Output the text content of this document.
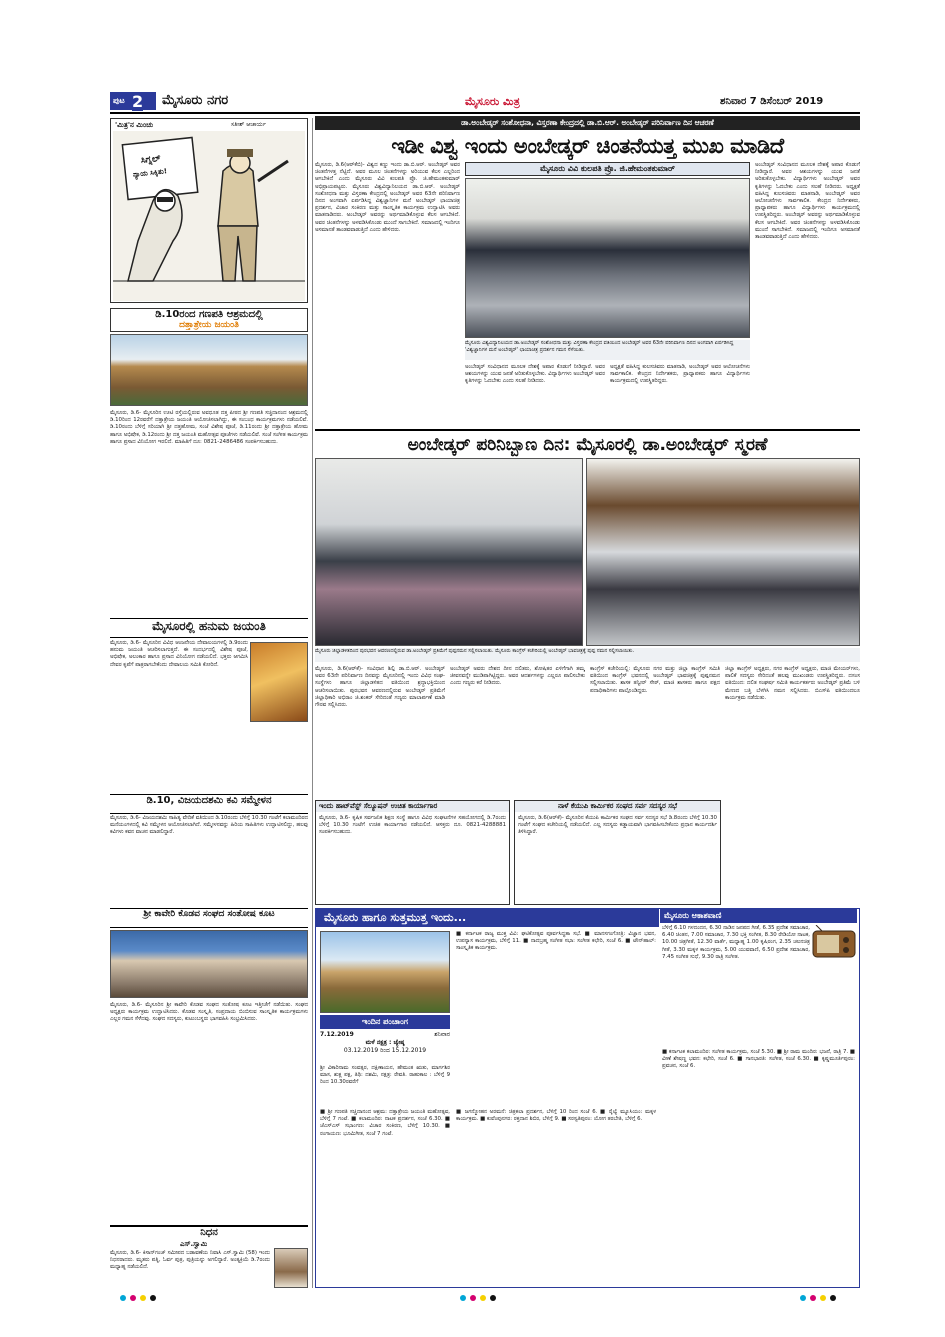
ಪುಟ 2 ಮೈಸೂರು ನಗರ	ಮೈಸೂರು ಮಿತ್ರ	ಶನಿವಾರ 7 ಡಿಸೆಂಬರ್ 2019
'ಮಿತ್ರ'ನ ಮಿಂಚು	ಸತೀಶ್ ಆಚಾರ್ಯ
ಸಿಗ್ನಲ್
ನ್ಯಾಯ ಸಿಕ್ಕಿತು!
ಡಿ.10ರಂದ ಗಣಪತಿ ಆಶ್ರಮದಲ್ಲಿ
ದತ್ತಾತ್ರೇಯ ಜಯಂತಿ
ಮೈಸೂರು, ಡಿ.6- ಮೈಸೂರಿನ ಊಟಿ ರಸ್ತೆಯಲ್ಲಿರುವ ಅವಧೂತ ದತ್ತ ಪೀಠದ ಶ್ರೀ ಗಣಪತಿ ಸಚ್ಚಿದಾನಂದ ಆಶ್ರಮದಲ್ಲಿ ಡಿ.10ರಿಂದ 12ರವರೆಗೆ ದತ್ತಾತ್ರೇಯ ಜಯಂತಿ ಆಯೋಜಿಸಲಾಗಿದ್ದು, ಈ ಸಂಬಂಧ ಕಾರ್ಯಕ್ರಮಗಳು ನಡೆಯಲಿವೆ. ಡಿ.10ರಂದು ಬೆಳಿಗ್ಗೆ ಸರಿಯಾಗಿ ಶ್ರೀ ದತ್ತಹೋಮ, ಸಂಜೆ ವಿಶೇಷ ಪೂಜೆ, ಡಿ.11ರಂದು ಶ್ರೀ ದತ್ತಾತ್ರೇಯ ಹೋಮ ಹಾಗೂ ಅಭಿಷೇಕ, ಡಿ.12ರಂದು ಶ್ರೀ ದತ್ತ ಜಯಂತಿ ಮಹೋತ್ಸವ ಪೂಜೆಗಳು ನಡೆಯಲಿವೆ. ಸಂಜೆ ಸಂಗೀತ ಕಾರ್ಯಕ್ರಮ ಹಾಗೂ ಪ್ರಸಾದ ವಿನಿಯೋಗ ಇರಲಿದೆ. ಮಾಹಿತಿಗೆ ದೂ: 0821-2486486 ಸಂಪರ್ಕಿಸಬಹುದು.
ಮೈಸೂರಲ್ಲಿ ಹನುಮ ಜಯಂತಿ
ಮೈಸೂರು, ಡಿ.6- ಮೈಸೂರಿನ ವಿವಿಧ ಆಂಜನೇಯ ದೇವಾಲಯಗಳಲ್ಲಿ ಡಿ.9ರಂದು ಹನುಮ ಜಯಂತಿ ಆಚರಿಸಲಾಗುತ್ತದೆ. ಈ ಸಂದರ್ಭದಲ್ಲಿ ವಿಶೇಷ ಪೂಜೆ, ಅಭಿಷೇಕ, ಅಲಂಕಾರ ಹಾಗೂ ಪ್ರಸಾದ ವಿನಿಯೋಗ ನಡೆಯಲಿದೆ. ಭಕ್ತರು ಆಗಮಿಸಿ ದೇವರ ಕೃಪೆಗೆ ಪಾತ್ರರಾಗಬೇಕೆಂದು ದೇವಾಲಯ ಸಮಿತಿ ಕೋರಿದೆ.
ಡಿ.10, ವಿಜಯದಶಮಿ ಕವಿ ಸಮ್ಮೇಳನ
ಮೈಸೂರು, ಡಿ.6- ವಿಜಯದಶಮಿ ಸಾಹಿತ್ಯ ವೇದಿಕೆ ವತಿಯಿಂದ ಡಿ.10ರಂದು ಬೆಳಿಗ್ಗೆ 10.30 ಗಂಟೆಗೆ ಕಲಾಮಂದಿರದ ಮನೆಯಂಗಳದಲ್ಲಿ ಕವಿ ಸಮ್ಮೇಳನ ಆಯೋಜಿಸಲಾಗಿದೆ. ಸಮ್ಮೇಳನವನ್ನು ಹಿರಿಯ ಸಾಹಿತಿಗಳು ಉದ್ಘಾಟಿಸಲಿದ್ದು, ಹಲವು ಕವಿಗಳು ಕವನ ವಾಚನ ಮಾಡಲಿದ್ದಾರೆ.
ಶ್ರೀ ಕಾವೇರಿ ಕೊಡವ ಸಂಘದ ಸಂತೋಷ ಕೂಟ
ಮೈಸೂರು, ಡಿ.6- ಮೈಸೂರಿನ ಶ್ರೀ ಕಾವೇರಿ ಕೊಡವ ಸಂಘದ ಸಂತೋಷ ಕೂಟ ಇತ್ತೀಚೆಗೆ ನಡೆಯಿತು. ಸಂಘದ ಅಧ್ಯಕ್ಷರು ಕಾರ್ಯಕ್ರಮ ಉದ್ಘಾಟಿಸಿದರು. ಕೊಡವ ಸಂಸ್ಕೃತಿ, ಸಂಪ್ರದಾಯ ಬಿಂಬಿಸುವ ಸಾಂಸ್ಕೃತಿಕ ಕಾರ್ಯಕ್ರಮಗಳು ಎಲ್ಲರ ಗಮನ ಸೆಳೆದವು. ಸಂಘದ ಸದಸ್ಯರು, ಕುಟುಂಬಸ್ಥರು ಭಾಗವಹಿಸಿ ಸಂಭ್ರಮಿಸಿದರು.
ನಿಧನ
ಎಸ್.ಸ್ವಾಮಿ
ಮೈಸೂರು, ಡಿ.6- ಕಿಸಾನ್‌ಗಂಜ್ ಸಮೀಪದ ಬಡಾವಣೆಯ ನಿವಾಸಿ ಎಸ್.ಸ್ವಾಮಿ (58) ಇಂದು ನಿಧನರಾದರು. ಮೃತರು ಪತ್ನಿ, ಓರ್ವ ಪುತ್ರ, ಪುತ್ರಿಯನ್ನು ಅಗಲಿದ್ದಾರೆ. ಅಂತ್ಯಕ್ರಿಯೆ ಡಿ.7ರಂದು ಮಧ್ಯಾಹ್ನ ನಡೆಯಲಿದೆ.
ಡಾ.ಅಂಬೇಡ್ಕರ್ ಸಂಶೋಧನಾ, ವಿಸ್ತರಣಾ ಕೇಂದ್ರದಲ್ಲಿ ಡಾ.ಬಿ.ಆರ್. ಅಂಬೇಡ್ಕರ್ ಪರಿನಿರ್ವಾಣ ದಿನ ಆಚರಣೆ
ಇಡೀ ವಿಶ್ವ ಇಂದು ಅಂಬೇಡ್ಕರ್ ಚಿಂತನೆಯತ್ತ ಮುಖ ಮಾಡಿದೆ
ಮೈಸೂರು, ಡಿ.6(ಆರ್‌ಕೆಬಿ)- ವಿಶ್ವದ ಕಣ್ಣು ಇಂದು ಡಾ.ಬಿ.ಆರ್. ಅಂಬೇಡ್ಕರ್ ಅವರ ಚಿಂತನೆಗಳತ್ತ ನೆಟ್ಟಿದೆ. ಅವರ ಮೂಲ ಚಿಂತನೆಗಳನ್ನು ಅರಿಯುವ ಕೆಲಸ ಎಲ್ಲರಿಂದ ಆಗಬೇಕಿದೆ ಎಂದು ಮೈಸೂರು ವಿವಿ ಕುಲಪತಿ ಪ್ರೊ. ಜಿ.ಹೇಮಂತಕುಮಾರ್ ಅಭಿಪ್ರಾಯಪಟ್ಟರು. ಮೈಸೂರು ವಿಶ್ವವಿದ್ಯಾನಿಲಯದ ಡಾ.ಬಿ.ಆರ್. ಅಂಬೇಡ್ಕರ್ ಸಂಶೋಧನಾ ಮತ್ತು ವಿಸ್ತರಣಾ ಕೇಂದ್ರದಲ್ಲಿ ಅಂಬೇಡ್ಕರ್ ಅವರ 63ನೇ ಪರಿನಿರ್ವಾಣ ದಿನದ ಅಂಗವಾಗಿ ಏರ್ಪಡಿಸಿದ್ದ ವಿಶ್ವಜ್ಞಾನಿಗಳ ಮನೆ ಅಂಬೇಡ್ಕರ್ ಛಾಯಾಚಿತ್ರ ಪ್ರದರ್ಶನ, ವಿಚಾರ ಸಂಕಿರಣ ಮತ್ತು ಸಾಂಸ್ಕೃತಿಕ ಕಾರ್ಯಕ್ರಮ ಉದ್ಘಾಟಿಸಿ ಅವರು ಮಾತನಾಡಿದರು. ಅಂಬೇಡ್ಕರ್ ಅವರನ್ನು ಅರ್ಥಮಾಡಿಕೊಳ್ಳುವ ಕೆಲಸ ಆಗಬೇಕಿದೆ. ಅವರ ಚಿಂತನೆಗಳನ್ನು ಅಳವಡಿಸಿಕೊಂಡು ಮುಂದೆ ಸಾಗಬೇಕಿದೆ. ಸಮಾಜದಲ್ಲಿ ಇಂದಿಗೂ ಅಸಮಾನತೆ ತಾಂಡವವಾಡುತ್ತಿದೆ ಎಂದು ಹೇಳಿದರು.
ಮೈಸೂರು ವಿವಿ ಕುಲಪತಿ ಪ್ರೊ. ಜಿ.ಹೇಮಂತಕುಮಾರ್
ಮೈಸೂರು ವಿಶ್ವವಿದ್ಯಾನಿಲಯದ ಡಾ.ಅಂಬೇಡ್ಕರ್ ಸಂಶೋಧನಾ ಮತ್ತು ವಿಸ್ತರಣಾ ಕೇಂದ್ರದ ವತಿಯಿಂದ ಅಂಬೇಡ್ಕರ್ ಅವರ 63ನೇ ಪರಿನಿರ್ವಾಣ ದಿನದ ಅಂಗವಾಗಿ ಏರ್ಪಡಿಸಿದ್ದ 'ವಿಶ್ವಜ್ಞಾನಿಗಳ ಮನೆ ಅಂಬೇಡ್ಕರ್' ಛಾಯಾಚಿತ್ರ ಪ್ರದರ್ಶನ ಗಮನ ಸೆಳೆಯಿತು.
ಅಂಬೇಡ್ಕರ್ ಸಂವಿಧಾನದ ಮೂಲಕ ದೇಶಕ್ಕೆ ಅಪಾರ ಕೊಡುಗೆ ನೀಡಿದ್ದಾರೆ. ಅವರ ಆಶಯಗಳನ್ನು ಯುವ ಜನತೆ ಅರಿತುಕೊಳ್ಳಬೇಕು. ವಿದ್ಯಾರ್ಥಿಗಳು ಅಂಬೇಡ್ಕರ್ ಅವರ ಕೃತಿಗಳನ್ನು ಓದಬೇಕು ಎಂದು ಸಲಹೆ ನೀಡಿದರು.
ಅಧ್ಯಕ್ಷತೆ ವಹಿಸಿದ್ದ ಕುಲಸಚಿವರು ಮಾತನಾಡಿ, ಅಂಬೇಡ್ಕರ್ ಅವರ ಆಲೋಚನೆಗಳು ಸಾರ್ವಕಾಲಿಕ. ಕೇಂದ್ರದ ನಿರ್ದೇಶಕರು, ಪ್ರಾಧ್ಯಾಪಕರು ಹಾಗೂ ವಿದ್ಯಾರ್ಥಿಗಳು ಕಾರ್ಯಕ್ರಮದಲ್ಲಿ ಉಪಸ್ಥಿತರಿದ್ದರು.
ಅಂಬೇಡ್ಕರ್ ಸಂವಿಧಾನದ ಮೂಲಕ ದೇಶಕ್ಕೆ ಅಪಾರ ಕೊಡುಗೆ ನೀಡಿದ್ದಾರೆ. ಅವರ ಆಶಯಗಳನ್ನು ಯುವ ಜನತೆ ಅರಿತುಕೊಳ್ಳಬೇಕು. ವಿದ್ಯಾರ್ಥಿಗಳು ಅಂಬೇಡ್ಕರ್ ಅವರ ಕೃತಿಗಳನ್ನು ಓದಬೇಕು ಎಂದು ಸಲಹೆ ನೀಡಿದರು. ಅಧ್ಯಕ್ಷತೆ ವಹಿಸಿದ್ದ ಕುಲಸಚಿವರು ಮಾತನಾಡಿ, ಅಂಬೇಡ್ಕರ್ ಅವರ ಆಲೋಚನೆಗಳು ಸಾರ್ವಕಾಲಿಕ. ಕೇಂದ್ರದ ನಿರ್ದೇಶಕರು, ಪ್ರಾಧ್ಯಾಪಕರು ಹಾಗೂ ವಿದ್ಯಾರ್ಥಿಗಳು ಕಾರ್ಯಕ್ರಮದಲ್ಲಿ ಉಪಸ್ಥಿತರಿದ್ದರು. ಅಂಬೇಡ್ಕರ್ ಅವರನ್ನು ಅರ್ಥಮಾಡಿಕೊಳ್ಳುವ ಕೆಲಸ ಆಗಬೇಕಿದೆ. ಅವರ ಚಿಂತನೆಗಳನ್ನು ಅಳವಡಿಸಿಕೊಂಡು ಮುಂದೆ ಸಾಗಬೇಕಿದೆ. ಸಮಾಜದಲ್ಲಿ ಇಂದಿಗೂ ಅಸಮಾನತೆ ತಾಂಡವವಾಡುತ್ತಿದೆ ಎಂದು ಹೇಳಿದರು.
ಅಂಬೇಡ್ಕರ್ ಪರಿನಿಬ್ಬಾಣ ದಿನ: ಮೈಸೂರಲ್ಲಿ ಡಾ.ಅಂಬೇಡ್ಕರ್ ಸ್ಮರಣೆ
ಮೈಸೂರು ಜಿಲ್ಲಾಡಳಿತದಿಂದ ಪುರಭವನ ಆವರಣದಲ್ಲಿರುವ ಡಾ.ಅಂಬೇಡ್ಕರ್ ಪ್ರತಿಮೆಗೆ ಪುಷ್ಪನಮನ ಸಲ್ಲಿಸಲಾಯಿತು. ಮೈಸೂರು ಕಾಂಗ್ರೆಸ್ ಕಚೇರಿಯಲ್ಲಿ ಅಂಬೇಡ್ಕರ್ ಭಾವಚಿತ್ರಕ್ಕೆ ಪುಷ್ಪ ನಮನ ಸಲ್ಲಿಸಲಾಯಿತು.
ಮೈಸೂರು, ಡಿ.6(ಆರ್‌ಕೆ)- ಸಂವಿಧಾನ ಶಿಲ್ಪಿ ಡಾ.ಬಿ.ಆರ್. ಅಂಬೇಡ್ಕರ್ ಅವರ 63ನೇ ಪರಿನಿರ್ವಾಣ ದಿನವನ್ನು ಮೈಸೂರಿನಲ್ಲಿ ಇಂದು ವಿವಿಧ ಸಂಘ-ಸಂಸ್ಥೆಗಳು ಹಾಗೂ ಜಿಲ್ಲಾಡಳಿತದ ವತಿಯಿಂದ ಶ್ರದ್ಧಾಭಕ್ತಿಯಿಂದ ಆಚರಿಸಲಾಯಿತು. ಪುರಭವನ ಆವರಣದಲ್ಲಿರುವ ಅಂಬೇಡ್ಕರ್ ಪ್ರತಿಮೆಗೆ ಜಿಲ್ಲಾಧಿಕಾರಿ ಅಭಿರಾಂ ಜಿ.ಶಂಕರ್ ಸೇರಿದಂತೆ ಗಣ್ಯರು ಮಾಲಾರ್ಪಣೆ ಮಾಡಿ ಗೌರವ ಸಲ್ಲಿಸಿದರು.
ಅಂಬೇಡ್ಕರ್ ಅವರು ದೇಶದ ದೀನ ದಲಿತರು, ಶೋಷಿತರ ಏಳಿಗೆಗಾಗಿ ತಮ್ಮ ಜೀವನವನ್ನೇ ಮುಡಿಪಾಗಿಟ್ಟಿದ್ದರು. ಅವರ ಆದರ್ಶಗಳನ್ನು ಎಲ್ಲರೂ ಪಾಲಿಸಬೇಕು ಎಂದು ಗಣ್ಯರು ಕರೆ ನೀಡಿದರು.
ಕಾಂಗ್ರೆಸ್ ಕಚೇರಿಯಲ್ಲಿ: ಮೈಸೂರು ನಗರ ಮತ್ತು ಜಿಲ್ಲಾ ಕಾಂಗ್ರೆಸ್ ಸಮಿತಿ ವತಿಯಿಂದ ಕಾಂಗ್ರೆಸ್ ಭವನದಲ್ಲಿ ಅಂಬೇಡ್ಕರ್ ಭಾವಚಿತ್ರಕ್ಕೆ ಪುಷ್ಪನಮನ ಸಲ್ಲಿಸಲಾಯಿತು. ಶಾಸಕ ತನ್ವೀರ್ ಸೇಠ್, ಮಾಜಿ ಶಾಸಕರು ಹಾಗೂ ಪಕ್ಷದ ಪದಾಧಿಕಾರಿಗಳು ಪಾಲ್ಗೊಂಡಿದ್ದರು.
ಜಿಲ್ಲಾ ಕಾಂಗ್ರೆಸ್ ಅಧ್ಯಕ್ಷರು, ನಗರ ಕಾಂಗ್ರೆಸ್ ಅಧ್ಯಕ್ಷರು, ಮಾಜಿ ಮೇಯರ್‌ಗಳು, ಪಾಲಿಕೆ ಸದಸ್ಯರು ಸೇರಿದಂತೆ ಹಲವು ಮುಖಂಡರು ಉಪಸ್ಥಿತರಿದ್ದರು. ದಸಂಸ ವತಿಯಿಂದ: ದಲಿತ ಸಂಘರ್ಷ ಸಮಿತಿ ಕಾರ್ಯಕರ್ತರು ಅಂಬೇಡ್ಕರ್ ಪ್ರತಿಮೆ ಬಳಿ ಮೇಣದ ಬತ್ತಿ ಬೆಳಗಿಸಿ ನಮನ ಸಲ್ಲಿಸಿದರು. ಬಿಎಸ್‌ಪಿ ವತಿಯಿಂದಲೂ ಕಾರ್ಯಕ್ರಮ ನಡೆಯಿತು.
ಇಂದು ಹಾಟ್‌ವೆಸ್ಟ್ ಸೆಲ್ಯೂಷನ್ ಉಚಿತ ಕಾರ್ಯಾಗಾರ
ಮೈಸೂರು, ಡಿ.6- ಕೃಷಿಕ ಸರ್ವಜನಿಕ ಶಿಕ್ಷಣ ಸಂಸ್ಥೆ ಹಾಗೂ ವಿವಿಧ ಸಂಘಟನೆಗಳ ಸಹಯೋಗದಲ್ಲಿ ಡಿ.7ರಂದು ಬೆಳಿಗ್ಗೆ 10.30 ಗಂಟೆಗೆ ಉಚಿತ ಕಾರ್ಯಾಗಾರ ನಡೆಯಲಿದೆ. ಆಸಕ್ತರು ದೂ. 0821-4288881 ಸಂಪರ್ಕಿಸಬಹುದು.
ನಾಳೆ ಕೆಯುಪಿ ಕಾರ್ಮಿಕರ ಸಂಘದ ಸರ್ವ ಸದಸ್ಯರ ಸಭೆ
ಮೈಸೂರು, ಡಿ.6(ಆರ್‌ಕೆ)- ಮೈಸೂರಿನ ಕೆಯುಪಿ ಕಾರ್ಮಿಕರ ಸಂಘದ ಸರ್ವ ಸದಸ್ಯರ ಸಭೆ ಡಿ.8ರಂದು ಬೆಳಿಗ್ಗೆ 10.30 ಗಂಟೆಗೆ ಸಂಘದ ಕಚೇರಿಯಲ್ಲಿ ನಡೆಯಲಿದೆ. ಎಲ್ಲ ಸದಸ್ಯರು ಕಡ್ಡಾಯವಾಗಿ ಭಾಗವಹಿಸಬೇಕೆಂದು ಪ್ರಧಾನ ಕಾರ್ಯದರ್ಶಿ ತಿಳಿಸಿದ್ದಾರೆ.
ಮೈಸೂರು ಹಾಗೂ ಸುತ್ತಮುತ್ತ ಇಂದು...
ಇಂದಿನ ಪಂಚಾಂಗ
7.12.2019	ಶನಿವಾರ
ಮಳೆ ನಕ್ಷತ್ರ : ಜ್ಯೇಷ್ಠ
03.12.2019 ರಿಂದ 15.12.2019
ಶ್ರೀ ವಿಕಾರಿನಾಮ ಸಂವತ್ಸರ, ದಕ್ಷಿಣಾಯನ, ಹೇಮಂತ ಋತು, ಮಾರ್ಗಶಿರ ಮಾಸ, ಶುಕ್ಲ ಪಕ್ಷ, ತಿಥಿ: ದಶಮಿ, ನಕ್ಷತ್ರ: ರೇವತಿ. ರಾಹುಕಾಲ : ಬೆಳಿಗ್ಗೆ 9 ರಿಂದ 10.30ರವರೆಗೆ
■ ಶ್ರೀ ಗಣಪತಿ ಸಚ್ಚಿದಾನಂದ ಆಶ್ರಮ: ದತ್ತಾತ್ರೇಯ ಜಯಂತಿ ಮಹೋತ್ಸವ, ಬೆಳಿಗ್ಗೆ 7 ಗಂಟೆ. ■ ಕಲಾಮಂದಿರ: ನಾಟಕ ಪ್ರದರ್ಶನ, ಸಂಜೆ 6.30. ■ ಜೆಎಸ್‌ಎಸ್ ಸಭಾಂಗಣ: ವಿಚಾರ ಸಂಕಿರಣ, ಬೆಳಿಗ್ಗೆ 10.30. ■ ರಂಗಾಯಣ: ಭೂಮಿಗೀತ, ಸಂಜೆ 7 ಗಂಟೆ.
■ ಕರ್ನಾಟಕ ರಾಜ್ಯ ಮುಕ್ತ ವಿವಿ: ಘಟಿಕೋತ್ಸವ ಪೂರ್ವಸಿದ್ಧತಾ ಸಭೆ. ■ ಮಾನಸಗಂಗೋತ್ರಿ: ವಿಜ್ಞಾನ ಭವನ, ಉಪನ್ಯಾಸ ಕಾರ್ಯಕ್ರಮ, ಬೆಳಿಗ್ಗೆ 11. ■ ನಾದಬ್ರಹ್ಮ ಸಂಗೀತ ಸಭಾ: ಸಂಗೀತ ಕಛೇರಿ, ಸಂಜೆ 6. ■ ಟೌನ್‌ಹಾಲ್: ಸಾಂಸ್ಕೃತಿಕ ಕಾರ್ಯಕ್ರಮ.
■ ಜಗನ್ಮೋಹನ ಅರಮನೆ: ಚಿತ್ರಕಲಾ ಪ್ರದರ್ಶನ, ಬೆಳಿಗ್ಗೆ 10 ರಿಂದ ಸಂಜೆ 6. ■ ರೈಲ್ವೆ ಮ್ಯೂಸಿಯಂ: ಮಕ್ಕಳ ಕಾರ್ಯಕ್ರಮ. ■ ಕುವೆಂಪುನಗರ: ರಕ್ತದಾನ ಶಿಬಿರ, ಬೆಳಿಗ್ಗೆ 9. ■ ಸರಸ್ವತಿಪುರಂ: ಯೋಗ ತರಬೇತಿ, ಬೆಳಿಗ್ಗೆ 6.
ಮೈಸೂರು ಆಕಾಶವಾಣಿ
ಬೆಳಿಗ್ಗೆ 6.10 ಗಳದಂದನ, 6.30 ನಾಡಿನ ಜನಪದ ಗೀತೆ, 6.35 ಪ್ರದೇಶ ಸಮಾಚಾರ, 6.40 ಚಿಂತನ, 7.00 ಸಮಾಚಾರ, 7.30 ಭಕ್ತಿ ಸಂಗೀತ, 8.30 ರೇಡಿಯೋ ನಾಟಕ, 10.00 ಚಿತ್ರಗೀತೆ, 12.30 ವಾರ್ತೆ, ಮಧ್ಯಾಹ್ನ 1.00 ಕೃಷಿರಂಗ, 2.35 ಚಲನಚಿತ್ರ ಗೀತೆ, 3.30 ಮಕ್ಕಳ ಕಾರ್ಯಕ್ರಮ, 5.00 ಯುವವಾಣಿ, 6.50 ಪ್ರದೇಶ ಸಮಾಚಾರ, 7.45 ಸಂಗೀತ ಸುಧೆ, 9.30 ರಾತ್ರಿ ಸಂಗೀತ.
■ ಕರ್ನಾಟಕ ಕಲಾಮಂದಿರ: ಸಂಗೀತ ಕಾರ್ಯಕ್ರಮ, ಸಂಜೆ 5.30. ■ ಶ್ರೀ ರಾಮ ಮಂದಿರ: ಭಜನೆ, ರಾತ್ರಿ 7. ■ ವೀಣೆ ಶೇಷಣ್ಣ ಭವನ: ಕಛೇರಿ, ಸಂಜೆ 6. ■ ಗಾನಭಾರತಿ: ಸಂಗೀತ, ಸಂಜೆ 6.30. ■ ಕೃಷ್ಣಮೂರ್ತಿಪುರಂ: ಪ್ರವಚನ, ಸಂಜೆ 6.
